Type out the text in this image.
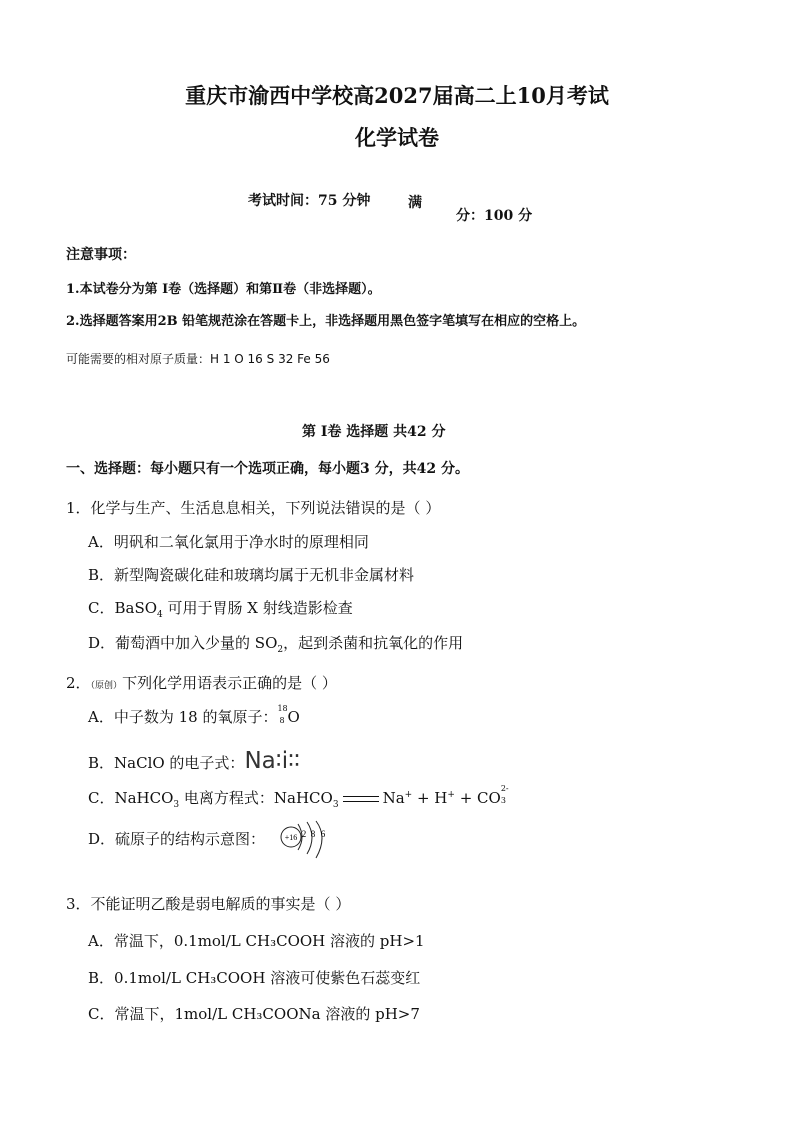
重庆市渝西中学校高2027届高二上10月考试
化学试卷
考试时间：75 分钟	满
分：100 分
注意事项：
1.本试卷分为第 Ⅰ卷（选择题）和第Ⅱ卷（非选择题）。
2.选择题答案用2B 铅笔规范涂在答题卡上，非选择题用黑色签字笔填写在相应的空格上。
可能需要的相对原子质量：H 1 O 16 S 32 Fe 56
第 Ⅰ卷 选择题 共42 分
一、选择题：每小题只有一个选项正确，每小题3 分，共42 分。
1．化学与生产、生活息息相关，下列说法错误的是（ ）
A．明矾和二氧化氯用于净水时的原理相同
B．新型陶瓷碳化硅和玻璃均属于无机非金属材料
C．BaSO$_4$ 可用于胃肠 X 射线造影检查
D．葡萄酒中加入少量的 $SO_2$，起到杀菌和抗氧化的作用
2．（原创）下列化学用语表示正确的是（ ）
A．中子数为 18 的氧原子： 18
8 O
B．NaClO 的电子式：Na∶i∶∶
C．NaHCO$_3$ 电离方程式：NaHCO$_3$	Na+ + H+ + CO
2-
3
D．硫原子的结构示意图： +16 2 8 6
3．不能证明乙酸是弱电解质的事实是（ ）
A．常温下，0.1mol/L CH₃COOH 溶液的 pH>1
B．0.1mol/L CH₃COOH 溶液可使紫色石蕊变红
C．常温下，1mol/L CH₃COONa 溶液的 pH>7
